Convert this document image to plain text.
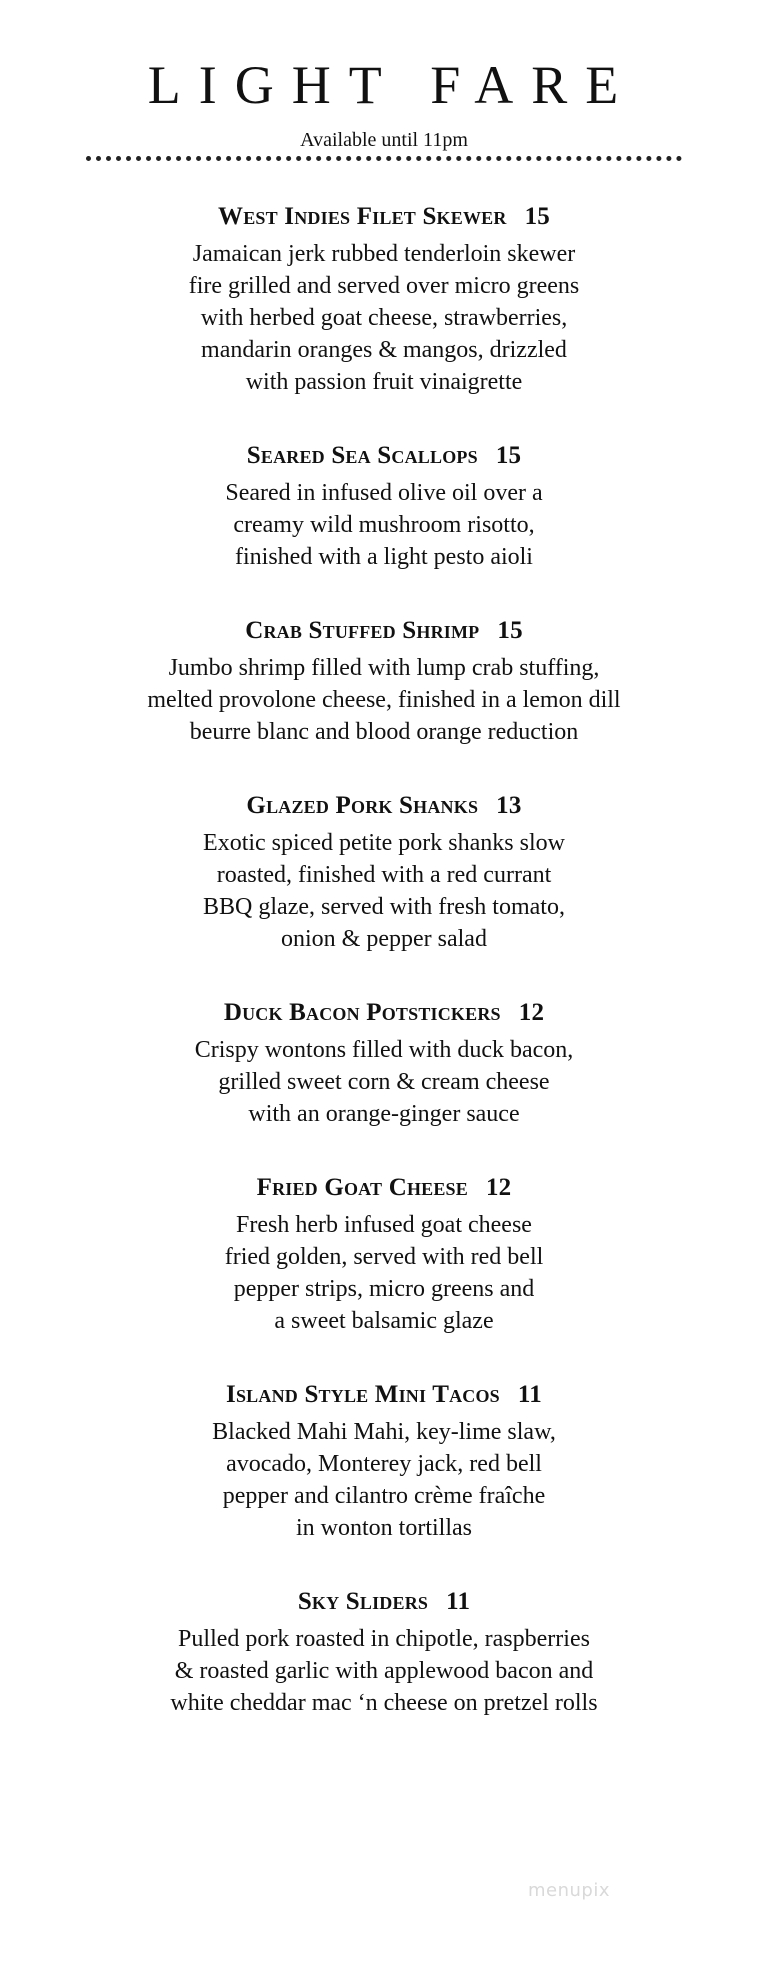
LIGHT FARE
Available until 11pm
West Indies Filet Skewer 15
Jamaican jerk rubbed tenderloin skewer
fire grilled and served over micro greens
with herbed goat cheese, strawberries,
mandarin oranges & mangos, drizzled
with passion fruit vinaigrette
Seared Sea Scallops 15
Seared in infused olive oil over a
creamy wild mushroom risotto,
finished with a light pesto aioli
Crab Stuffed Shrimp 15
Jumbo shrimp filled with lump crab stuffing,
melted provolone cheese, finished in a lemon dill
beurre blanc and blood orange reduction
Glazed Pork Shanks 13
Exotic spiced petite pork shanks slow
roasted, finished with a red currant
BBQ glaze, served with fresh tomato,
onion & pepper salad
Duck Bacon Potstickers 12
Crispy wontons filled with duck bacon,
grilled sweet corn & cream cheese
with an orange-ginger sauce
Fried Goat Cheese 12
Fresh herb infused goat cheese
fried golden, served with red bell
pepper strips, micro greens and
a sweet balsamic glaze
Island Style Mini Tacos 11
Blacked Mahi Mahi, key-lime slaw,
avocado, Monterey jack, red bell
pepper and cilantro crème fraîche
in wonton tortillas
Sky Sliders 11
Pulled pork roasted in chipotle, raspberries
& roasted garlic with applewood bacon and
white cheddar mac ‘n cheese on pretzel rolls
menupix
